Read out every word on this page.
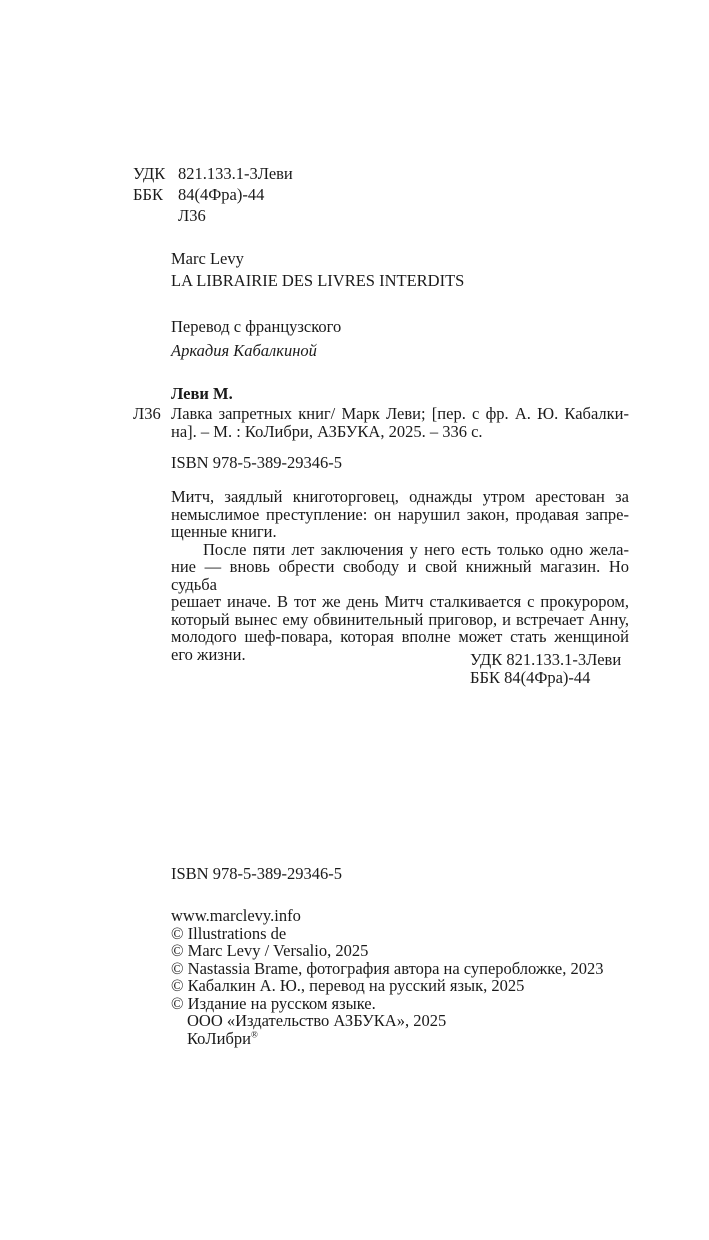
УДК 821.133.1-3Леви
ББК 84(4Фра)-44
Л36
Marc Levy
LA LIBRAIRIE DES LIVRES INTERDITS
Перевод с французского
Аркадия Кабалкиной
Леви М.
Л36 Лавка запретных книг/ Марк Леви; [пер. с фр. А. Ю. Кабалки-
на]. – М. : КоЛибри, АЗБУКА, 2025. – 336 с.
ISBN 978-5-389-29346-5
Митч, заядлый книготорговец, однажды утром арестован за
немыслимое преступление: он нарушил закон, продавая запре-
щенные книги.
После пяти лет заключения у него есть только одно жела-
ние — вновь обрести свободу и свой книжный магазин. Но судьба
решает иначе. В тот же день Митч сталкивается с прокурором,
который вынес ему обвинительный приговор, и встречает Анну,
молодого шеф-повара, которая вполне может стать женщиной
его жизни.	УДК 821.133.1-3Леви
ББК 84(4Фра)-44
ISBN 978-5-389-29346-5
www.marclevy.info
© Illustrations de
© Marc Levy / Versalio, 2025
© Nastassia Brame, фотография автора на суперобложке, 2023
© Кабалкин А. Ю., перевод на русский язык, 2025
© Издание на русском языке.
ООО «Издательство АЗБУКА», 2025
КоЛибри®
